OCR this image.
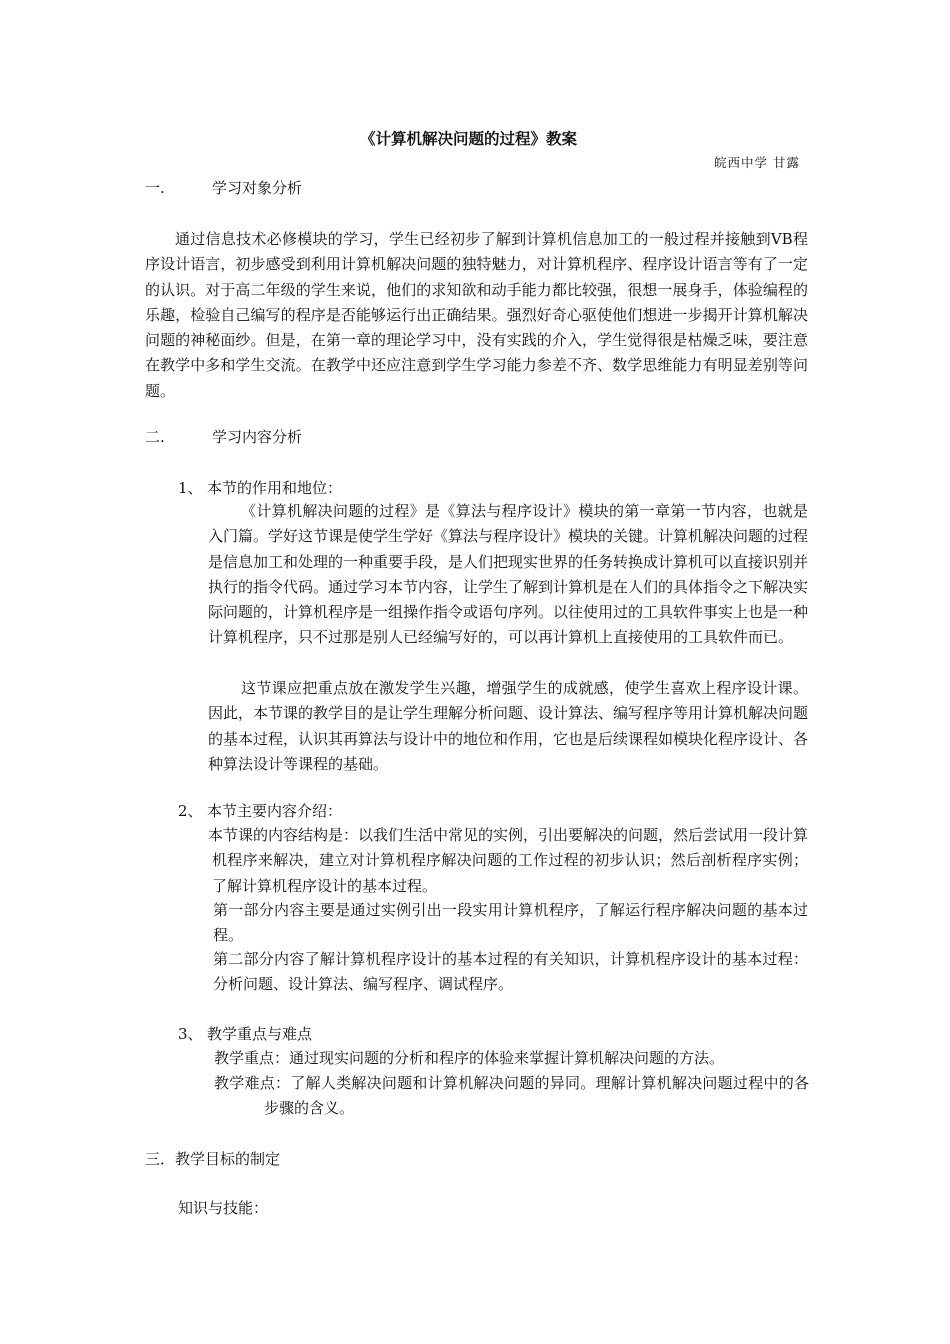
《计算机解决问题的过程》教案
皖西中学 甘露
一.	学习对象分析

通过信息技术必修模块的学习，学生已经初步了解到计算机信息加工的一般过程并接触到VB程序设计语言，初步感受到利用计算机解决问题的独特魅力，对计算机程序、程序设计语言等有了一定的认识。对于高二年级的学生来说，他们的求知欲和动手能力都比较强，很想一展身手，体验编程的乐趣，检验自己编写的程序是否能够运行出正确结果。强烈好奇心驱使他们想进一步揭开计算机解决问题的神秘面纱。但是，在第一章的理论学习中，没有实践的介入，学生觉得很是枯燥乏味，要注意在教学中多和学生交流。在教学中还应注意到学生学习能力参差不齐、数学思维能力有明显差别等问题。

二.	学习内容分析
1、 本节的作用和地位：

《计算机解决问题的过程》是《算法与程序设计》模块的第一章第一节内容，也就是入门篇。学好这节课是使学生学好《算法与程序设计》模块的关键。计算机解决问题的过程是信息加工和处理的一种重要手段，是人们把现实世界的任务转换成计算机可以直接识别并执行的指令代码。通过学习本节内容，让学生了解到计算机是在人们的具体指令之下解决实际问题的，计算机程序是一组操作指令或语句序列。以往使用过的工具软件事实上也是一种计算机程序，只不过那是别人已经编写好的，可以再计算机上直接使用的工具软件而已。

这节课应把重点放在激发学生兴趣，增强学生的成就感，使学生喜欢上程序设计课。因此，本节课的教学目的是让学生理解分析问题、设计算法、编写程序等用计算机解决问题的基本过程，认识其再算法与设计中的地位和作用，它也是后续课程如模块化程序设计、各种算法设计等课程的基础。

2、 本节主要内容介绍：

本节课的内容结构是：以我们生活中常见的实例，引出要解决的问题，然后尝试用一段计算机程序来解决，建立对计算机程序解决问题的工作过程的初步认识；然后剖析程序实例；了解计算机程序设计的基本过程。

第一部分内容主要是通过实例引出一段实用计算机程序，了解运行程序解决问题的基本过程。

第二部分内容了解计算机程序设计的基本过程的有关知识，计算机程序设计的基本过程：分析问题、设计算法、编写程序、调试程序。

3、 教学重点与难点

教学重点：通过现实问题的分析和程序的体验来掌握计算机解决问题的方法。

教学难点：了解人类解决问题和计算机解决问题的异同。理解计算机解决问题过程中的各步骤的含义。

三．教学目标的制定
知识与技能：
